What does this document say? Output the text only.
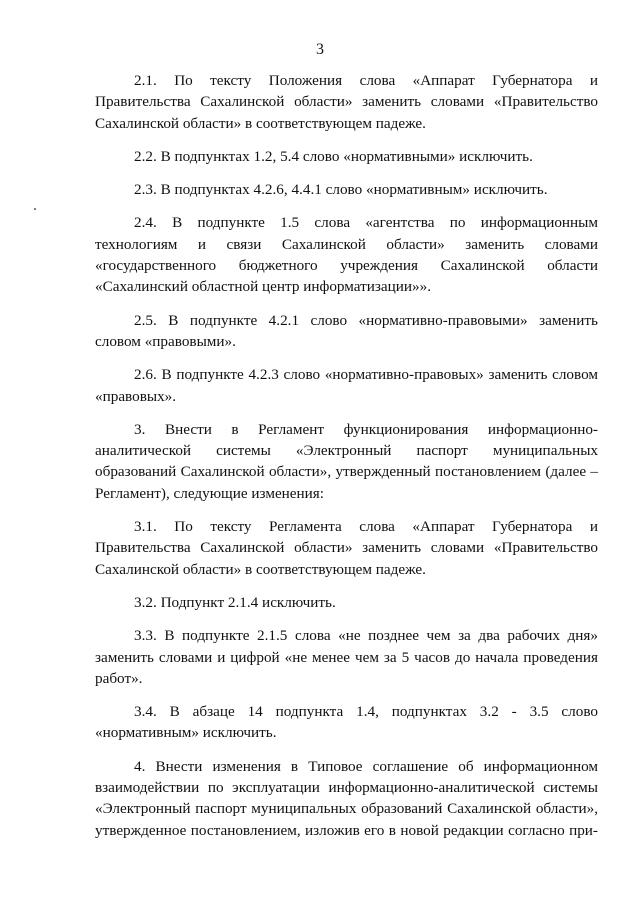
3

2.1. По тексту Положения слова «Аппарат Губернатора и Правительства Сахалинской области» заменить словами «Правительство Сахалинской области» в соответствующем падеже.

2.2. В подпунктах 1.2, 5.4 слово «нормативными» исключить.

2.3. В подпунктах 4.2.6, 4.4.1 слово «нормативным» исключить.

2.4. В подпункте 1.5 слова «агентства по информационным технологиям и связи Сахалинской области» заменить словами «государственного бюджетного учреждения Сахалинской области «Сахалинский областной центр информатизации»».

2.5. В подпункте 4.2.1 слово «нормативно-правовыми» заменить словом «правовыми».

2.6. В подпункте 4.2.3 слово «нормативно-правовых» заменить словом «правовых».

3. Внести в Регламент функционирования информационно-аналитической системы «Электронный паспорт муниципальных образований Сахалинской области», утвержденный постановлением (далее – Регламент), следующие изменения:

3.1. По тексту Регламента слова «Аппарат Губернатора и Правительства Сахалинской области» заменить словами «Правительство Сахалинской области» в соответствующем падеже.

3.2. Подпункт 2.1.4 исключить.

3.3. В подпункте 2.1.5 слова «не позднее чем за два рабочих дня» заменить словами и цифрой «не менее чем за 5 часов до начала проведения работ».

3.4. В абзаце 14 подпункта 1.4, подпунктах 3.2 - 3.5 слово «нормативным» исключить.

4. Внести изменения в Типовое соглашение об информационном взаимодействии по эксплуатации информационно-аналитической системы «Электронный паспорт муниципальных образований Сахалинской области», утвержденное постановлением, изложив его в новой редакции согласно при-
